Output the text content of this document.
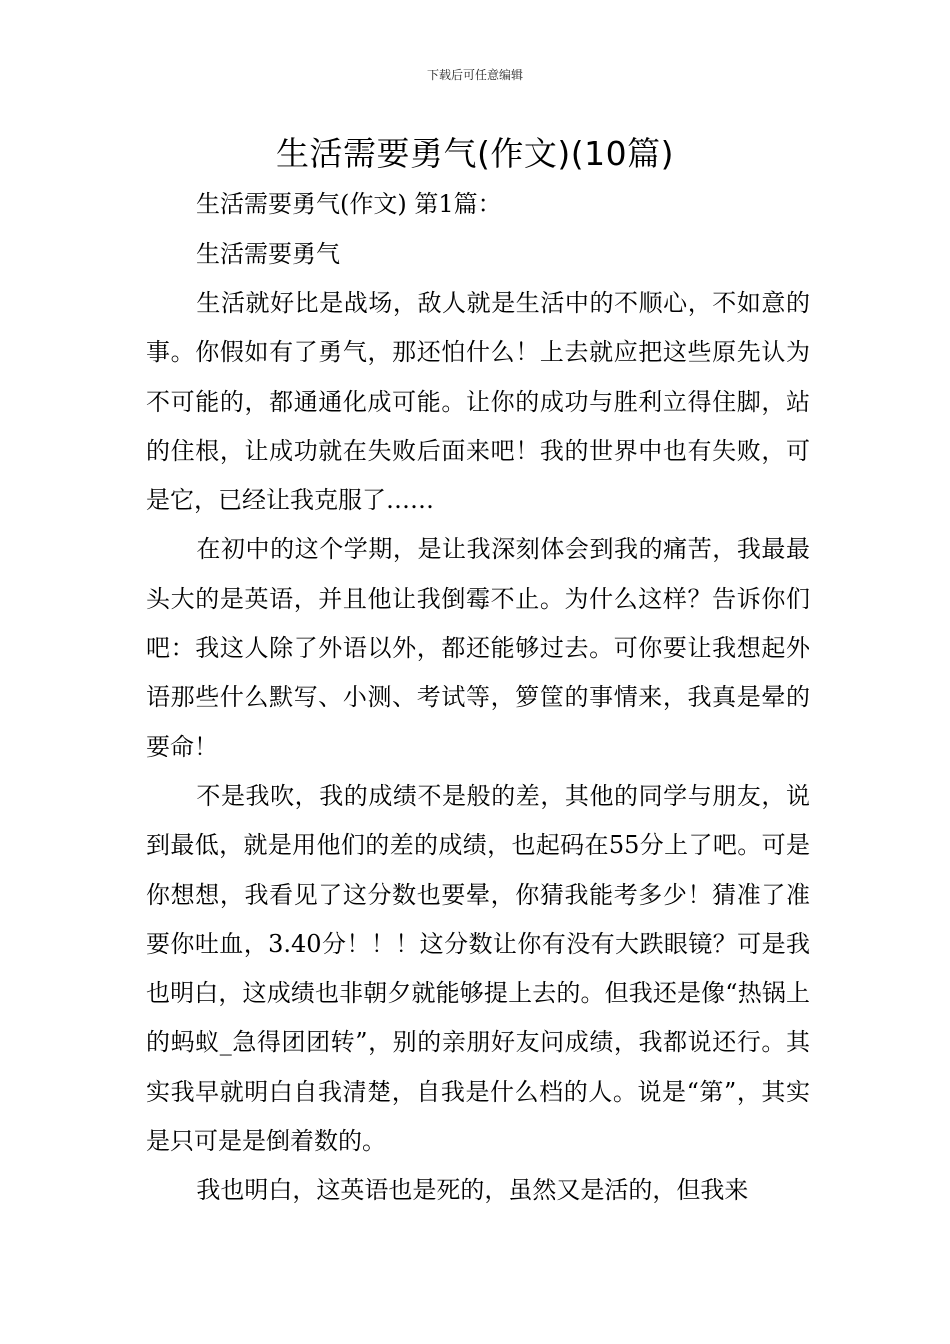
下载后可任意编辑
生活需要勇气(作文)(10篇)
生活需要勇气(作文) 第1篇：
生活需要勇气

生活就好比是战场，敌人就是生活中的不顺心，不如意的事。你假如有了勇气，那还怕什么！上去就应把这些原先认为不可能的，都通通化成可能。让你的成功与胜利立得住脚，站的住根，让成功就在失败后面来吧！我的世界中也有失败，可是它，已经让我克服了……

在初中的这个学期，是让我深刻体会到我的痛苦，我最最头大的是英语，并且他让我倒霉不止。为什么这样？告诉你们吧：我这人除了外语以外，都还能够过去。可你要让我想起外语那些什么默写、小测、考试等，箩筐的事情来，我真是晕的要命！

不是我吹，我的成绩不是般的差，其他的同学与朋友，说到最低，就是用他们的差的成绩，也起码在55分上了吧。可是你想想，我看见了这分数也要晕，你猜我能考多少！猜准了准要你吐血，3.40分！！！这分数让你有没有大跌眼镜？可是我也明白，这成绩也非朝夕就能够提上去的。但我还是像“热锅上的蚂蚁_急得团团转”，别的亲朋好友问成绩，我都说还行。其实我早就明白自我清楚，自我是什么档的人。说是“第”，其实是只可是是倒着数的。

我也明白，这英语也是死的，虽然又是活的，但我来
